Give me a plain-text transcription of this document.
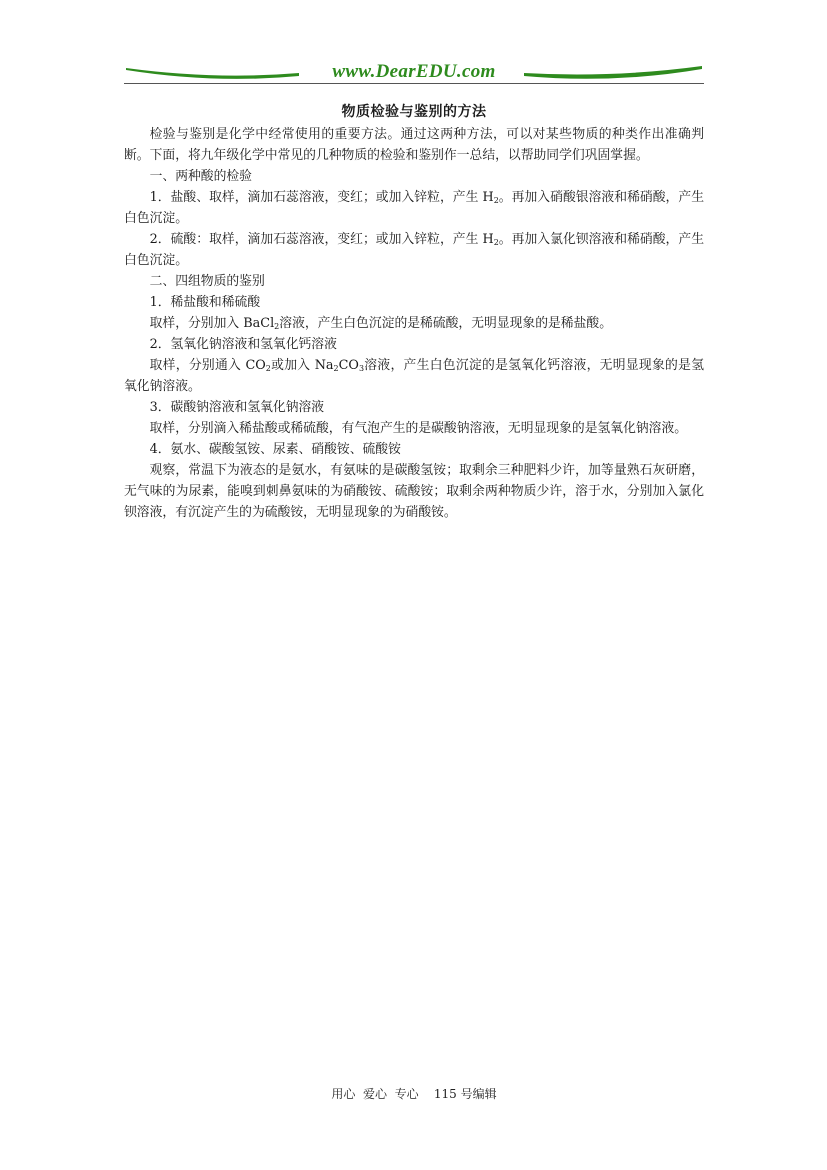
www.DearEDU.com
物质检验与鉴别的方法

检验与鉴别是化学中经常使用的重要方法。通过这两种方法，可以对某些物质的种类作出准确判断。下面，将九年级化学中常见的几种物质的检验和鉴别作一总结，以帮助同学们巩固掌握。

一、两种酸的检验

1．盐酸、取样，滴加石蕊溶液，变红；或加入锌粒，产生 $H_2$。再加入硝酸银溶液和稀硝酸，产生白色沉淀。

2．硫酸：取样，滴加石蕊溶液，变红；或加入锌粒，产生 $H_2$。再加入氯化钡溶液和稀硝酸，产生白色沉淀。

二、四组物质的鉴别

1．稀盐酸和稀硫酸

取样，分别加入 BaCl$_2$溶液，产生白色沉淀的是稀硫酸，无明显现象的是稀盐酸。

2．氢氧化钠溶液和氢氧化钙溶液

取样，分别通入 $CO_2$或加入 $Na_2CO_3$溶液，产生白色沉淀的是氢氧化钙溶液，无明显现象的是氢氧化钠溶液。

3．碳酸钠溶液和氢氧化钠溶液

取样，分别滴入稀盐酸或稀硫酸，有气泡产生的是碳酸钠溶液，无明显现象的是氢氧化钠溶液。

4．氨水、碳酸氢铵、尿素、硝酸铵、硫酸铵

观察，常温下为液态的是氨水，有氨味的是碳酸氢铵；取剩余三种肥料少许，加等量熟石灰研磨，无气味的为尿素，能嗅到刺鼻氨味的为硝酸铵、硫酸铵；取剩余两种物质少许，溶于水，分别加入氯化钡溶液，有沉淀产生的为硫酸铵，无明显现象的为硝酸铵。

用心  爱心  专心    115 号编辑
